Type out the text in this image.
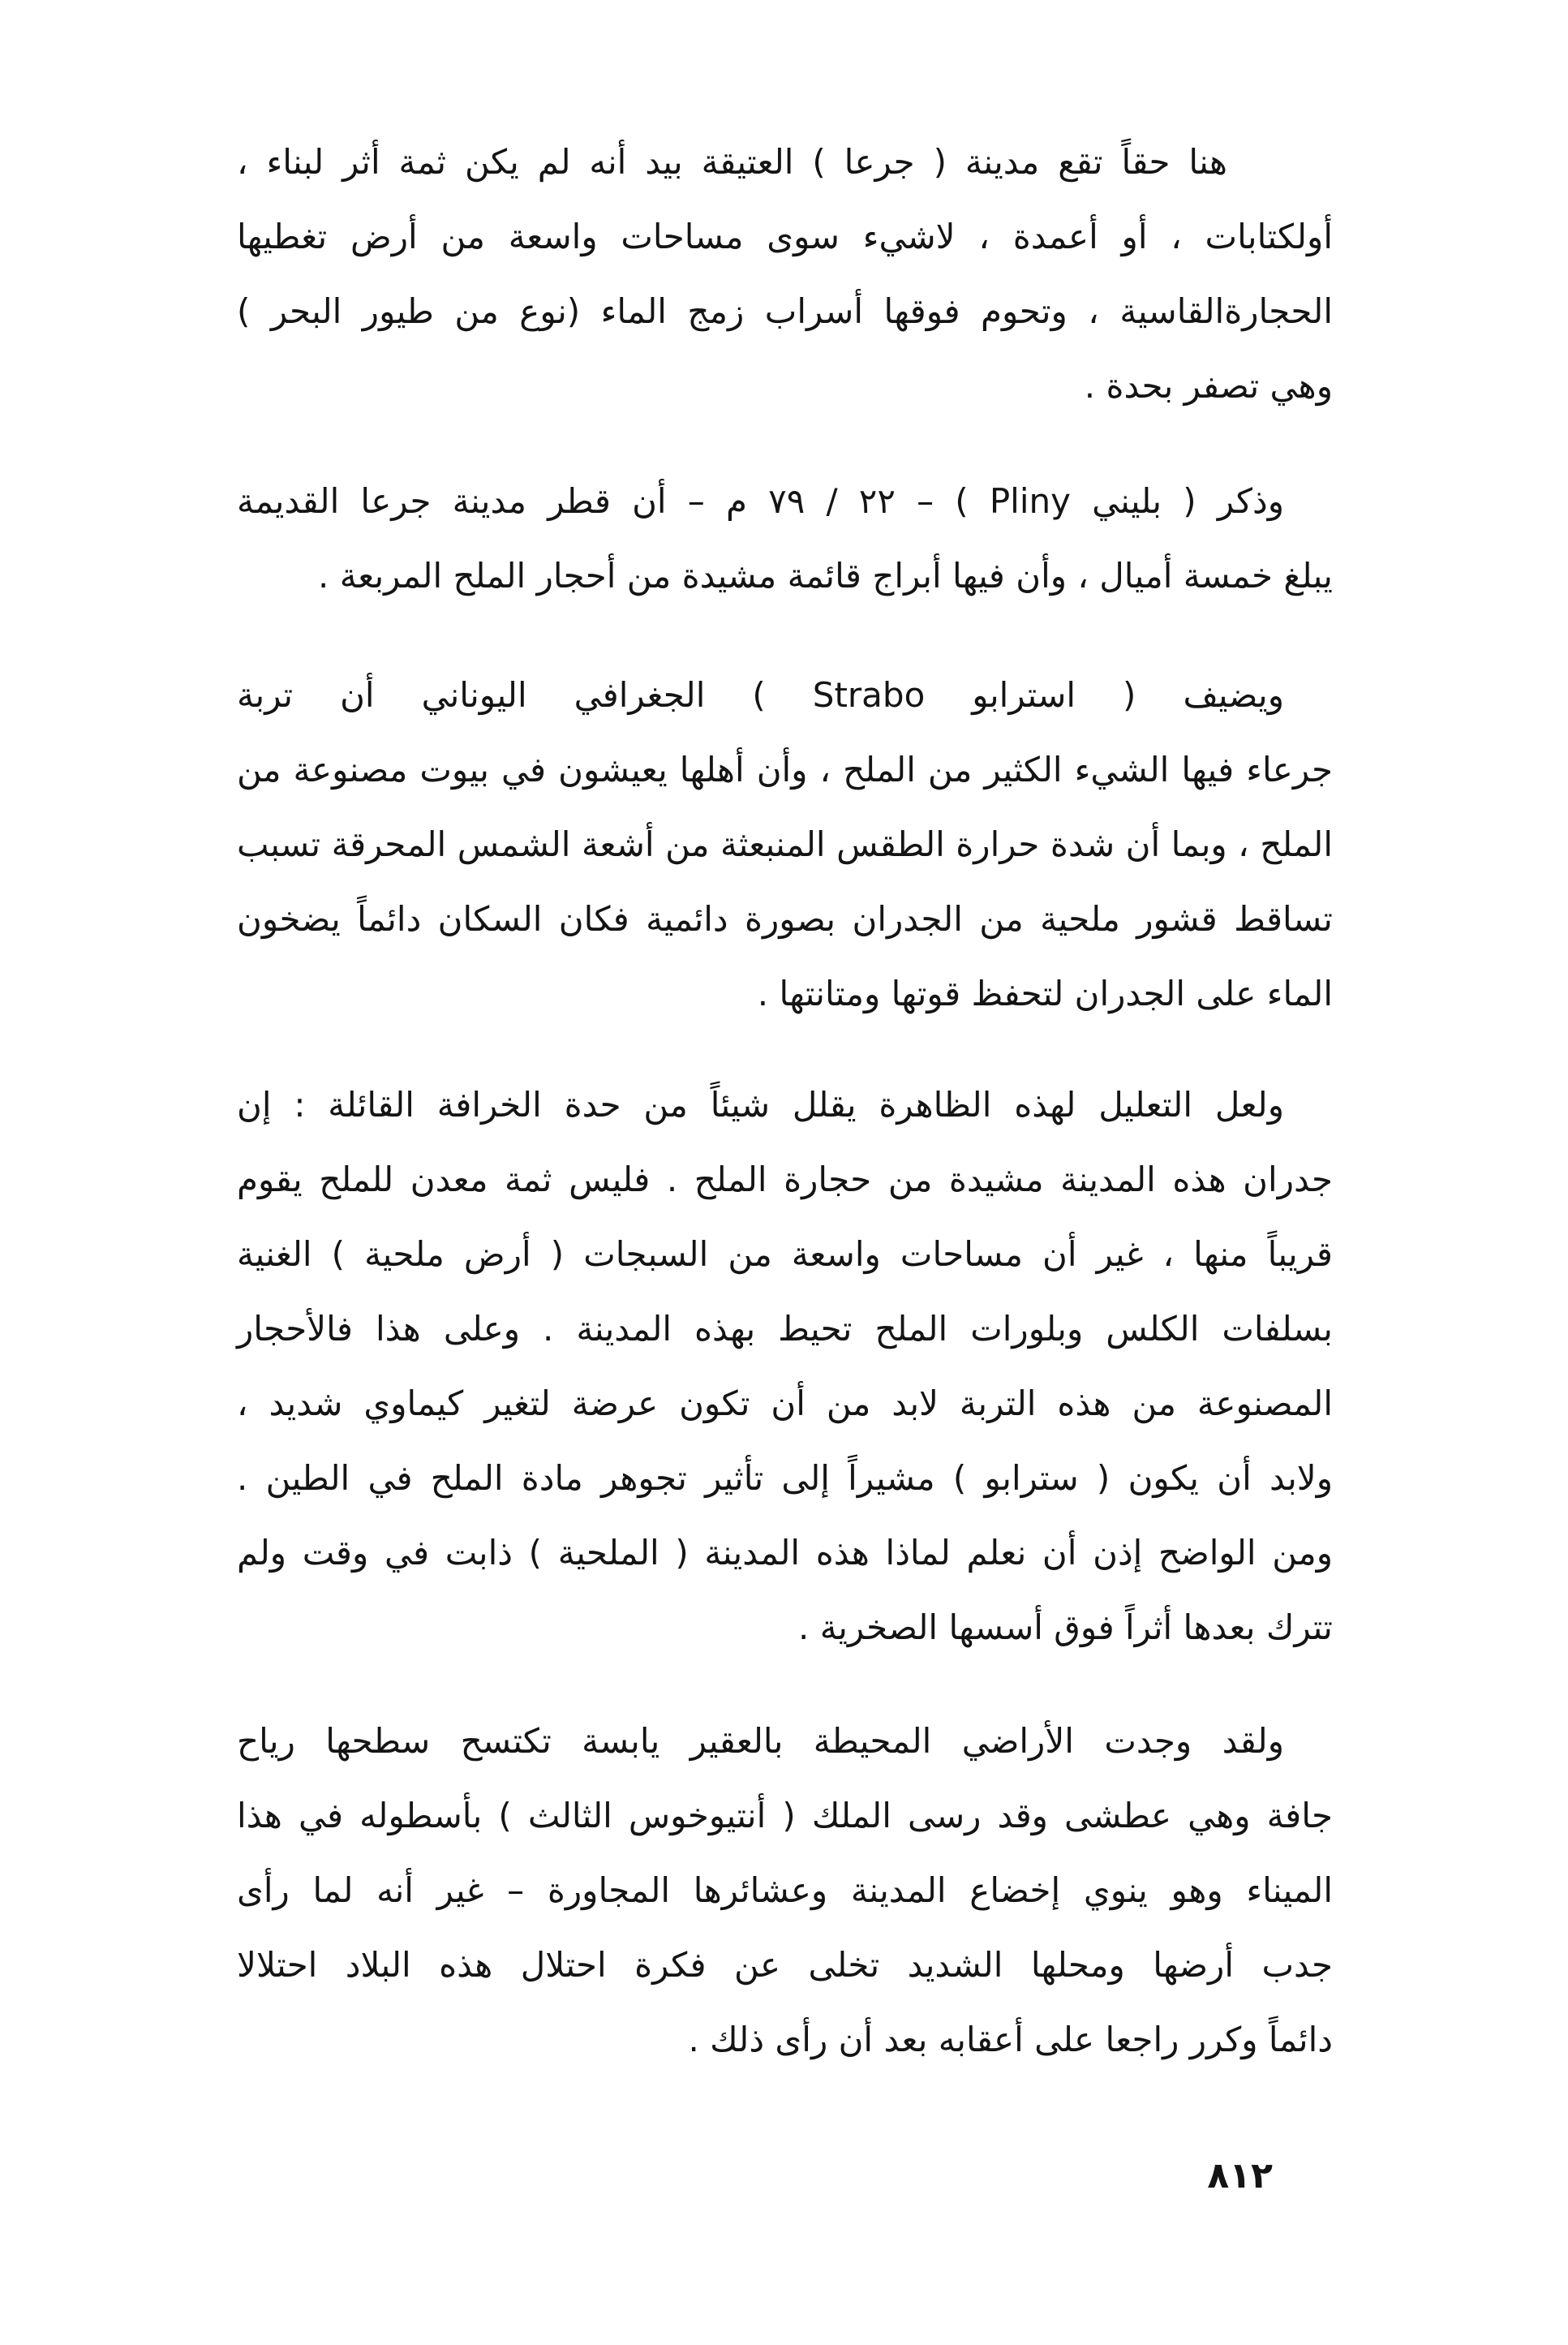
هنا حقاً تقع مدينة ( جرعا ) العتيقة بيد أنه لم يكن ثمة أثر لبناء ،
أولكتابات ، أو أعمدة ، لاشيء سوى مساحات واسعة من أرض تغطيها
الحجارةالقاسية ، وتحوم فوقها أسراب زمج الماء (نوع من طيور البحر )
وهي تصفر بحدة .
وذكر ( بليني Pliny ) – ٢٢ / ٧٩ م – أن قطر مدينة جرعا القديمة
يبلغ خمسة أميال ، وأن فيها أبراج قائمة مشيدة من أحجار الملح المربعة .
ويضيف ( استرابو Strabo ) الجغرافي اليوناني أن تربة
جرعاء فيها الشيء الكثير من الملح ، وأن أهلها يعيشون في بيوت مصنوعة من
الملح ، وبما أن شدة حرارة الطقس المنبعثة من أشعة الشمس المحرقة تسبب
تساقط قشور ملحية من الجدران بصورة دائمية فكان السكان دائماً يضخون
الماء على الجدران لتحفظ قوتها ومتانتها .
ولعل التعليل لهذه الظاهرة يقلل شيئاً من حدة الخرافة القائلة : إن
جدران هذه المدينة مشيدة من حجارة الملح . فليس ثمة معدن للملح يقوم
قريباً منها ، غير أن مساحات واسعة من السبجات ( أرض ملحية ) الغنية
بسلفات الكلس وبلورات الملح تحيط بهذه المدينة . وعلى هذا فالأحجار
المصنوعة من هذه التربة لابد من أن تكون عرضة لتغير كيماوي شديد ،
ولابد أن يكون ( سترابو ) مشيراً إلى تأثير تجوهر مادة الملح في الطين .
ومن الواضح إذن أن نعلم لماذا هذه المدينة ( الملحية ) ذابت في وقت ولم
تترك بعدها أثراً فوق أسسها الصخرية .
ولقد وجدت الأراضي المحيطة بالعقير يابسة تكتسح سطحها رياح
جافة وهي عطشى وقد رسى الملك ( أنتيوخوس الثالث ) بأسطوله في هذا
الميناء وهو ينوي إخضاع المدينة وعشائرها المجاورة – غير أنه لما رأى
جدب أرضها ومحلها الشديد تخلى عن فكرة احتلال هذه البلاد احتلالا
دائماً وكرر راجعا على أعقابه بعد أن رأى ذلك .
٨١٢
